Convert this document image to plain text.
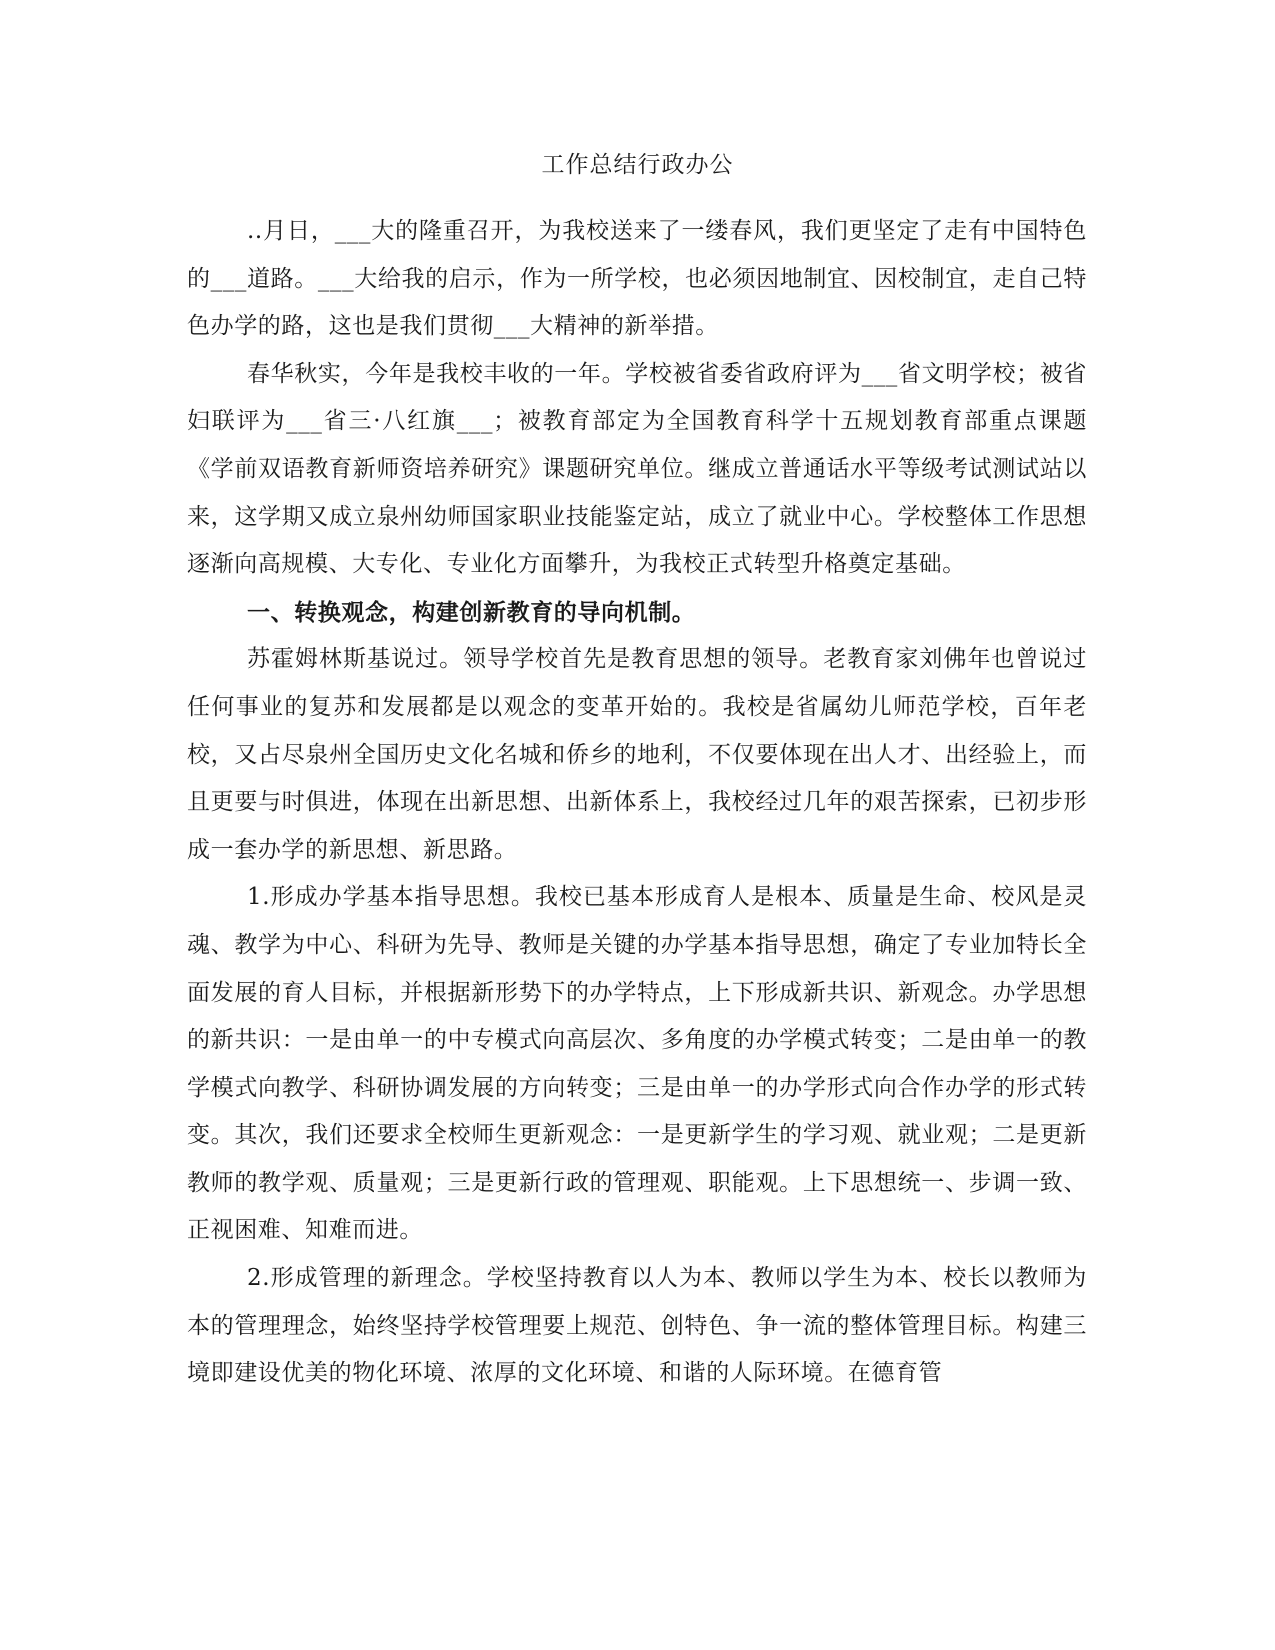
工作总结行政办公

..月日，___大的隆重召开，为我校送来了一缕春风，我们更坚定了走有中国特色的___道路。___大给我的启示，作为一所学校，也必须因地制宜、因校制宜，走自己特色办学的路，这也是我们贯彻___大精神的新举措。

春华秋实，今年是我校丰收的一年。学校被省委省政府评为___省文明学校；被省妇联评为___省三·八红旗___；被教育部定为全国教育科学十五规划教育部重点课题《学前双语教育新师资培养研究》课题研究单位。继成立普通话水平等级考试测试站以来，这学期又成立泉州幼师国家职业技能鉴定站，成立了就业中心。学校整体工作思想逐渐向高规模、大专化、专业化方面攀升，为我校正式转型升格奠定基础。

一、转换观念，构建创新教育的导向机制。

苏霍姆林斯基说过。领导学校首先是教育思想的领导。老教育家刘佛年也曾说过任何事业的复苏和发展都是以观念的变革开始的。我校是省属幼儿师范学校，百年老校，又占尽泉州全国历史文化名城和侨乡的地利，不仅要体现在出人才、出经验上，而且更要与时俱进，体现在出新思想、出新体系上，我校经过几年的艰苦探索，已初步形成一套办学的新思想、新思路。

1.形成办学基本指导思想。我校已基本形成育人是根本、质量是生命、校风是灵魂、教学为中心、科研为先导、教师是关键的办学基本指导思想，确定了专业加特长全面发展的育人目标，并根据新形势下的办学特点，上下形成新共识、新观念。办学思想的新共识：一是由单一的中专模式向高层次、多角度的办学模式转变；二是由单一的教学模式向教学、科研协调发展的方向转变；三是由单一的办学形式向合作办学的形式转变。其次，我们还要求全校师生更新观念：一是更新学生的学习观、就业观；二是更新教师的教学观、质量观；三是更新行政的管理观、职能观。上下思想统一、步调一致、正视困难、知难而进。

2.形成管理的新理念。学校坚持教育以人为本、教师以学生为本、校长以教师为本的管理理念，始终坚持学校管理要上规范、创特色、争一流的整体管理目标。构建三境即建设优美的物化环境、浓厚的文化环境、和谐的人际环境。在德育管
